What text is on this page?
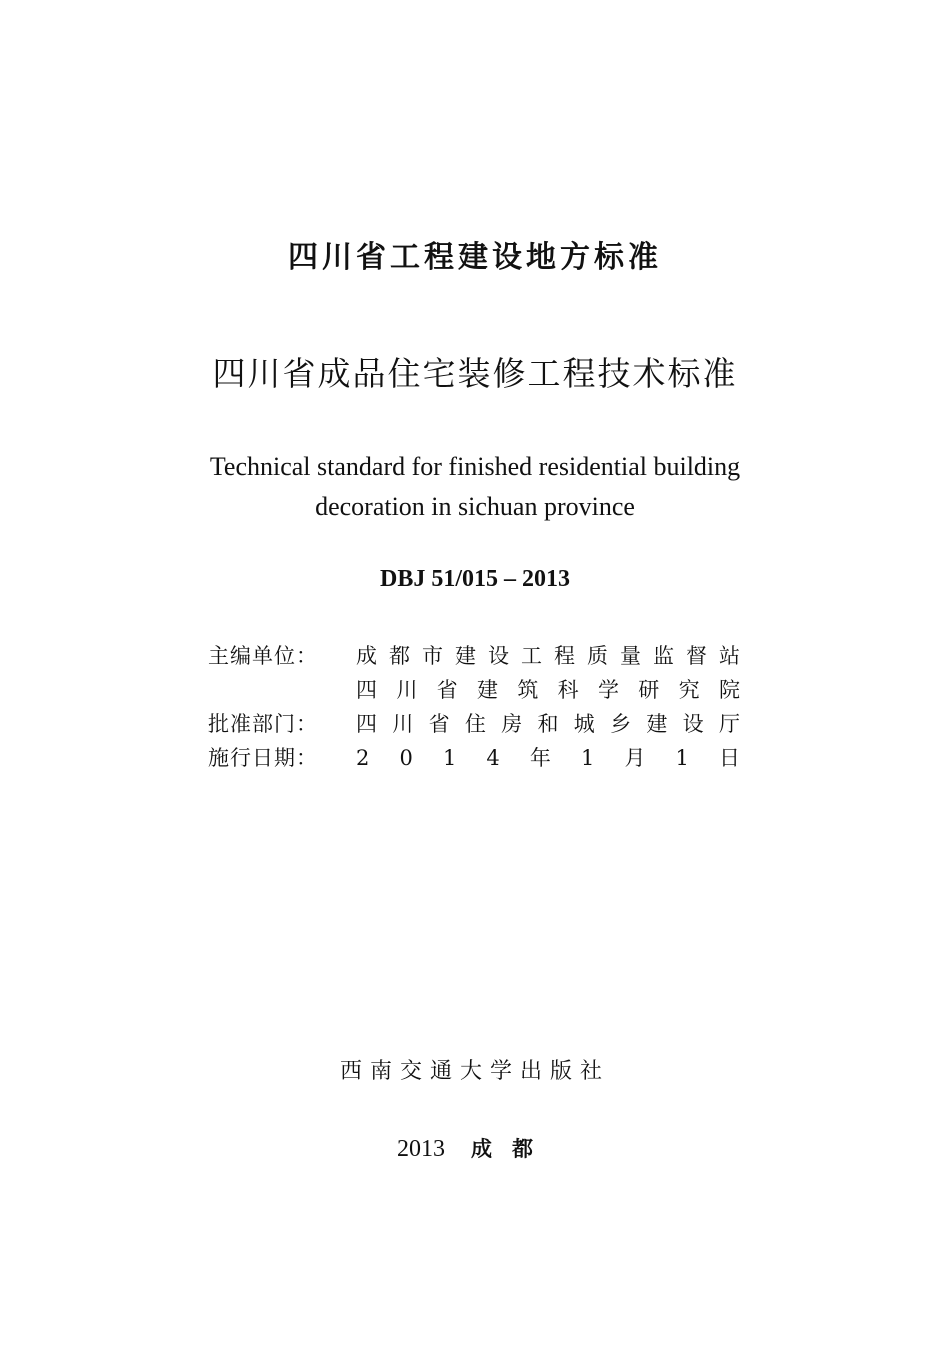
四川省工程建设地方标准
四川省成品住宅装修工程技术标准
Technical standard for finished residential building
decoration in sichuan province
DBJ 51/015 – 2013
主编单位：	成 都 市 建 设 工 程 质 量 监 督 站
四 川 省 建 筑 科 学 研 究 院
批准部门：	四 川 省 住 房 和 城 乡 建 设 厅
施行日期：	2 0 1 4 年 1 月 1 日
西南交通大学出版社
2013 成都
